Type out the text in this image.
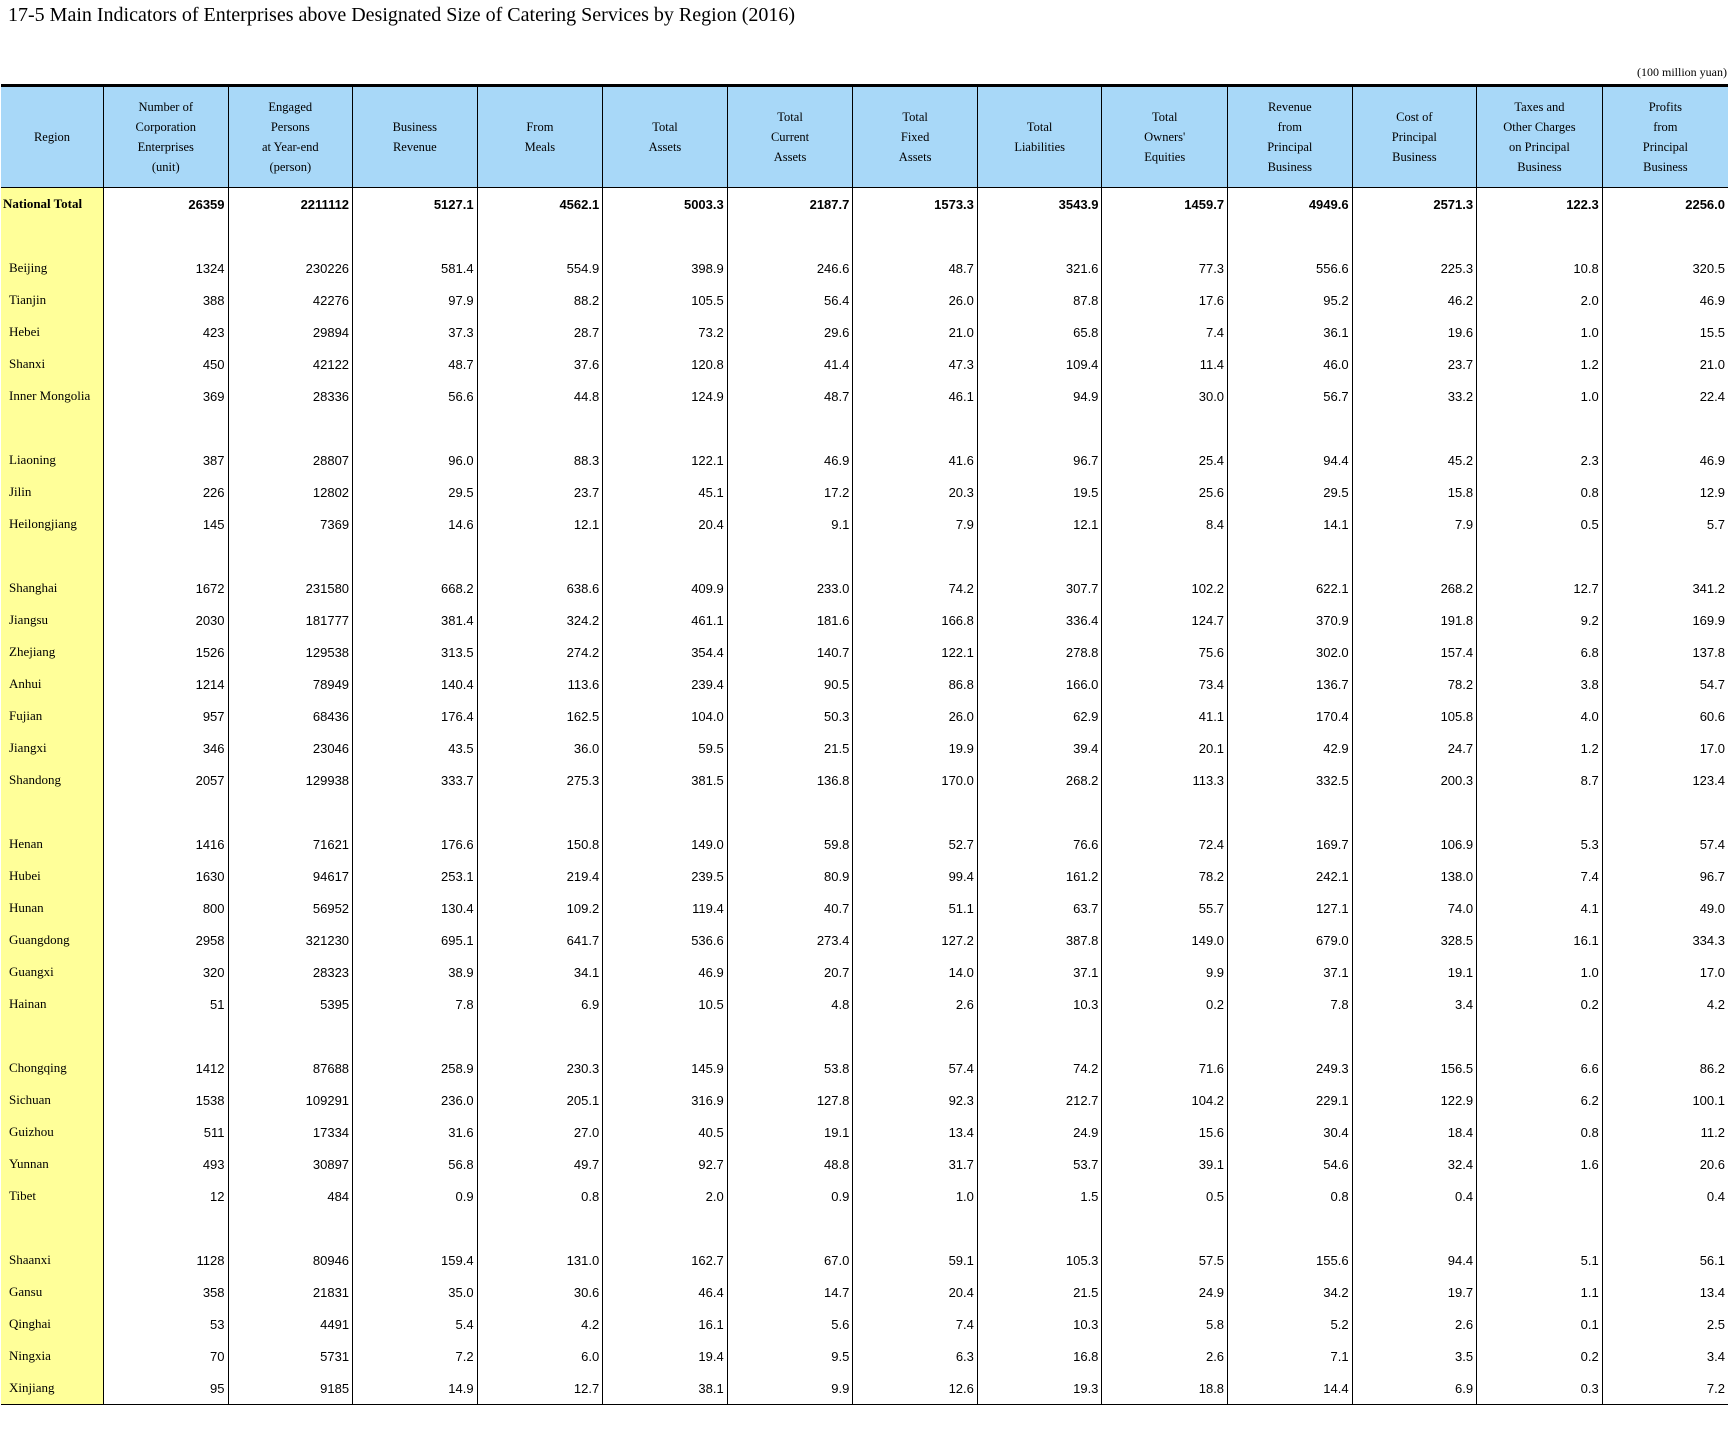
17-5 Main Indicators of Enterprises above Designated Size of Catering Services by Region (2016)
(100 million yuan)
Region	Number of
Corporation
Enterprises
(unit)	Engaged
Persons
at Year-end
(person)	Business
Revenue	From
Meals	Total
Assets	Total
Current
Assets	Total
Fixed
Assets	Total
Liabilities	Total
Owners'
Equities	Revenue
from
Principal
Business	Cost of
Principal
Business	Taxes and
Other Charges
on Principal
Business	Profits
from
Principal
Business

National Total	26359	2211112	5127.1	4562.1	5003.3	2187.7	1573.3	3543.9	1459.7	4949.6	2571.3	122.3	2256.0

Beijing	1324	230226	581.4	554.9	398.9	246.6	48.7	321.6	77.3	556.6	225.3	10.8	320.5
Tianjin	388	42276	97.9	88.2	105.5	56.4	26.0	87.8	17.6	95.2	46.2	2.0	46.9
Hebei	423	29894	37.3	28.7	73.2	29.6	21.0	65.8	7.4	36.1	19.6	1.0	15.5
Shanxi	450	42122	48.7	37.6	120.8	41.4	47.3	109.4	11.4	46.0	23.7	1.2	21.0
Inner Mongolia	369	28336	56.6	44.8	124.9	48.7	46.1	94.9	30.0	56.7	33.2	1.0	22.4

Liaoning	387	28807	96.0	88.3	122.1	46.9	41.6	96.7	25.4	94.4	45.2	2.3	46.9
Jilin	226	12802	29.5	23.7	45.1	17.2	20.3	19.5	25.6	29.5	15.8	0.8	12.9
Heilongjiang	145	7369	14.6	12.1	20.4	9.1	7.9	12.1	8.4	14.1	7.9	0.5	5.7

Shanghai	1672	231580	668.2	638.6	409.9	233.0	74.2	307.7	102.2	622.1	268.2	12.7	341.2
Jiangsu	2030	181777	381.4	324.2	461.1	181.6	166.8	336.4	124.7	370.9	191.8	9.2	169.9
Zhejiang	1526	129538	313.5	274.2	354.4	140.7	122.1	278.8	75.6	302.0	157.4	6.8	137.8
Anhui	1214	78949	140.4	113.6	239.4	90.5	86.8	166.0	73.4	136.7	78.2	3.8	54.7
Fujian	957	68436	176.4	162.5	104.0	50.3	26.0	62.9	41.1	170.4	105.8	4.0	60.6
Jiangxi	346	23046	43.5	36.0	59.5	21.5	19.9	39.4	20.1	42.9	24.7	1.2	17.0
Shandong	2057	129938	333.7	275.3	381.5	136.8	170.0	268.2	113.3	332.5	200.3	8.7	123.4

Henan	1416	71621	176.6	150.8	149.0	59.8	52.7	76.6	72.4	169.7	106.9	5.3	57.4
Hubei	1630	94617	253.1	219.4	239.5	80.9	99.4	161.2	78.2	242.1	138.0	7.4	96.7
Hunan	800	56952	130.4	109.2	119.4	40.7	51.1	63.7	55.7	127.1	74.0	4.1	49.0
Guangdong	2958	321230	695.1	641.7	536.6	273.4	127.2	387.8	149.0	679.0	328.5	16.1	334.3
Guangxi	320	28323	38.9	34.1	46.9	20.7	14.0	37.1	9.9	37.1	19.1	1.0	17.0
Hainan	51	5395	7.8	6.9	10.5	4.8	2.6	10.3	0.2	7.8	3.4	0.2	4.2

Chongqing	1412	87688	258.9	230.3	145.9	53.8	57.4	74.2	71.6	249.3	156.5	6.6	86.2
Sichuan	1538	109291	236.0	205.1	316.9	127.8	92.3	212.7	104.2	229.1	122.9	6.2	100.1
Guizhou	511	17334	31.6	27.0	40.5	19.1	13.4	24.9	15.6	30.4	18.4	0.8	11.2
Yunnan	493	30897	56.8	49.7	92.7	48.8	31.7	53.7	39.1	54.6	32.4	1.6	20.6
Tibet	12	484	0.9	0.8	2.0	0.9	1.0	1.5	0.5	0.8	0.4		0.4

Shaanxi	1128	80946	159.4	131.0	162.7	67.0	59.1	105.3	57.5	155.6	94.4	5.1	56.1
Gansu	358	21831	35.0	30.6	46.4	14.7	20.4	21.5	24.9	34.2	19.7	1.1	13.4
Qinghai	53	4491	5.4	4.2	16.1	5.6	7.4	10.3	5.8	5.2	2.6	0.1	2.5
Ningxia	70	5731	7.2	6.0	19.4	9.5	6.3	16.8	2.6	7.1	3.5	0.2	3.4
Xinjiang	95	9185	14.9	12.7	38.1	9.9	12.6	19.3	18.8	14.4	6.9	0.3	7.2
